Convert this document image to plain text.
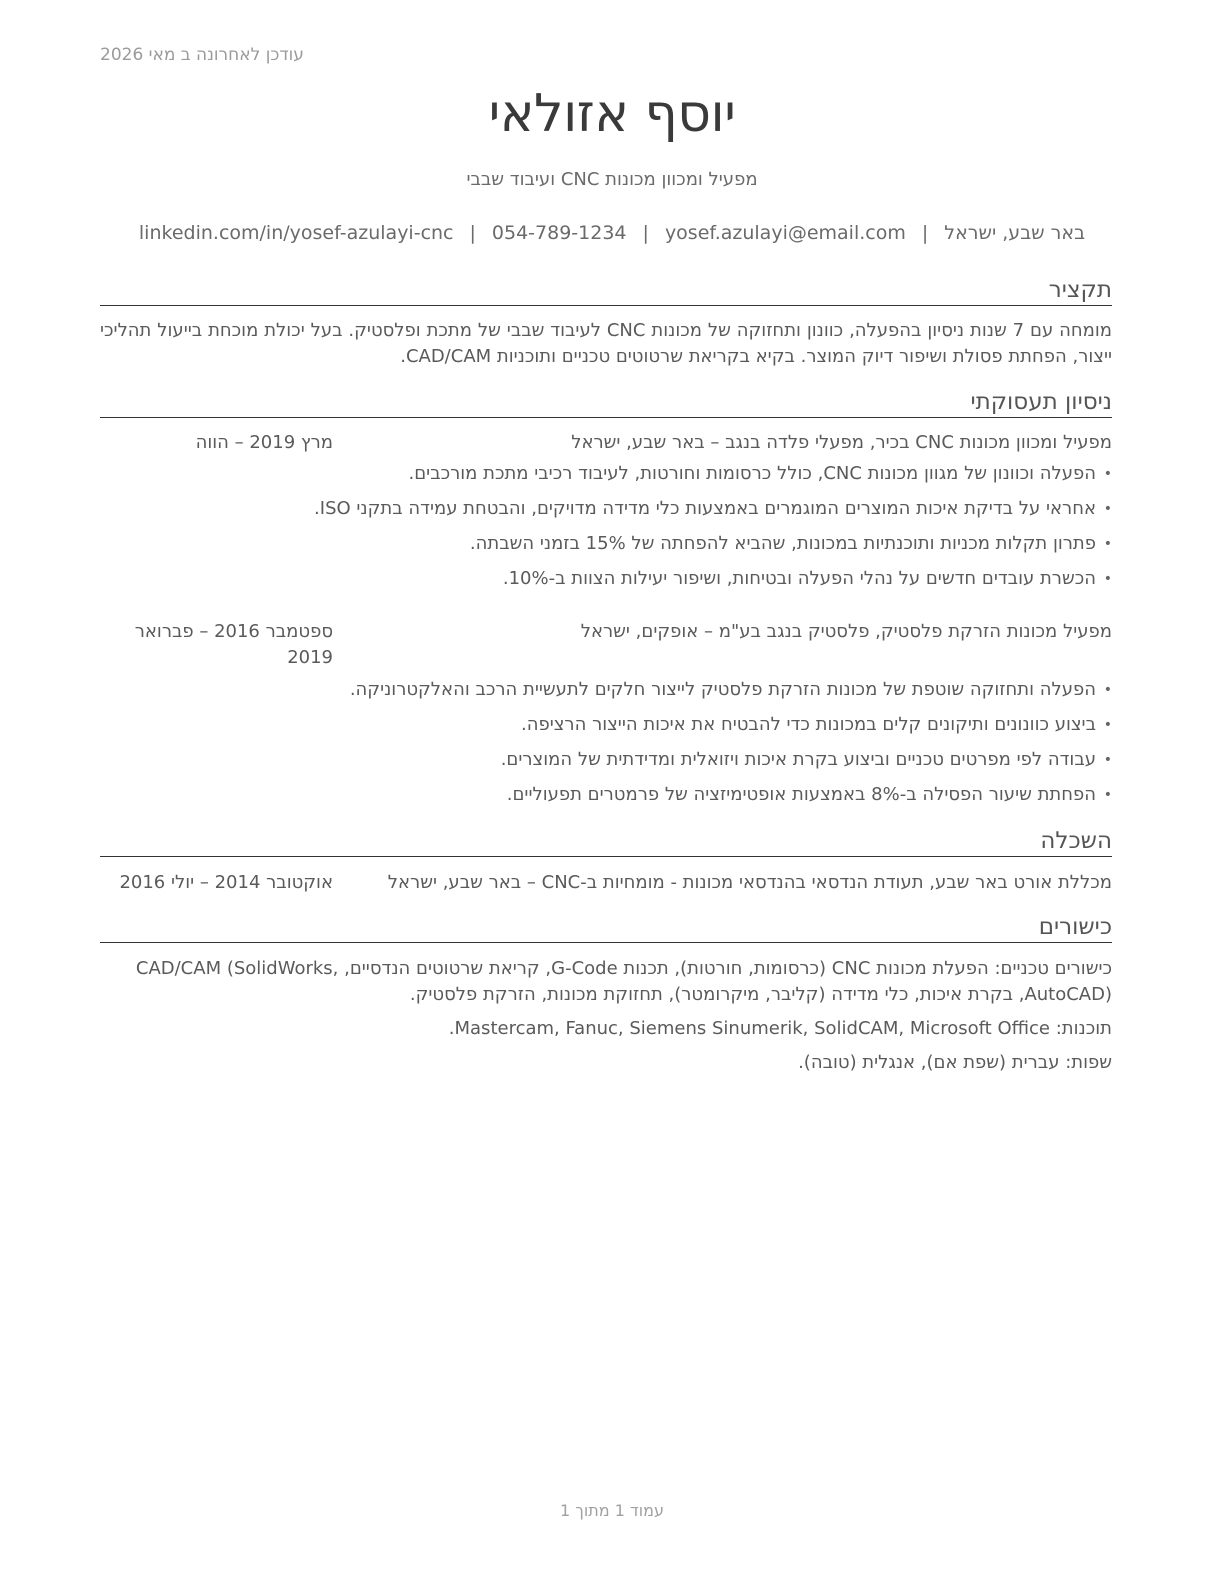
עודכן לאחרונה ב מאי 2026
יוסף אזולאי
מפעיל ומכוון מכונות CNC ועיבוד שבבי
באר שבע, ישראל|yosef.azulayi@email.com|054-789-1234|linkedin.com/in/yosef-azulayi-cnc
תקציר
מומחה עם 7 שנות ניסיון בהפעלה, כוונון ותחזוקה של מכונות CNC לעיבוד שבבי של מתכת ופלסטיק. בעל יכולת מוכחת בייעול תהליכי ייצור, הפחתת פסולת ושיפור דיוק המוצר. בקיא בקריאת שרטוטים טכניים ותוכניות CAD/CAM.
ניסיון תעסוקתי
מפעיל ומכוון מכונות CNC בכיר, מפעלי פלדה בנגב – באר שבע, ישראל
מרץ 2019 – הווה
• הפעלה וכוונון של מגוון מכונות CNC, כולל כרסומות וחורטות, לעיבוד רכיבי מתכת מורכבים.
• אחראי על בדיקת איכות המוצרים המוגמרים באמצעות כלי מדידה מדויקים, והבטחת עמידה בתקני ISO.
• פתרון תקלות מכניות ותוכנתיות במכונות, שהביא להפחתה של 15% בזמני השבתה.
• הכשרת עובדים חדשים על נהלי הפעלה ובטיחות, ושיפור יעילות הצוות ב-10%.
מפעיל מכונות הזרקת פלסטיק, פלסטיק בנגב בע"מ – אופקים, ישראל
ספטמבר 2016 – פברואר 2019
• הפעלה ותחזוקה שוטפת של מכונות הזרקת פלסטיק לייצור חלקים לתעשיית הרכב והאלקטרוניקה.
• ביצוע כוונונים ותיקונים קלים במכונות כדי להבטיח את איכות הייצור הרציפה.
• עבודה לפי מפרטים טכניים וביצוע בקרת איכות ויזואלית ומדידתית של המוצרים.
• הפחתת שיעור הפסילה ב-8% באמצעות אופטימיזציה של פרמטרים תפעוליים.
השכלה
מכללת אורט באר שבע, תעודת הנדסאי בהנדסאי מכונות - מומחיות ב-CNC – באר שבע, ישראל
אוקטובר 2014 – יולי 2016
כישורים
כישורים טכניים: הפעלת מכונות CNC (כרסומות, חורטות), תכנות G-Code, קריאת שרטוטים הנדסיים, CAD/CAM (SolidWorks, AutoCAD), בקרת איכות, כלי מדידה (קליבר, מיקרומטר), תחזוקת מכונות, הזרקת פלסטיק.
תוכנות: Mastercam, Fanuc, Siemens Sinumerik, SolidCAM, Microsoft Office.
שפות: עברית (שפת אם), אנגלית (טובה).
עמוד 1 מתוך 1
